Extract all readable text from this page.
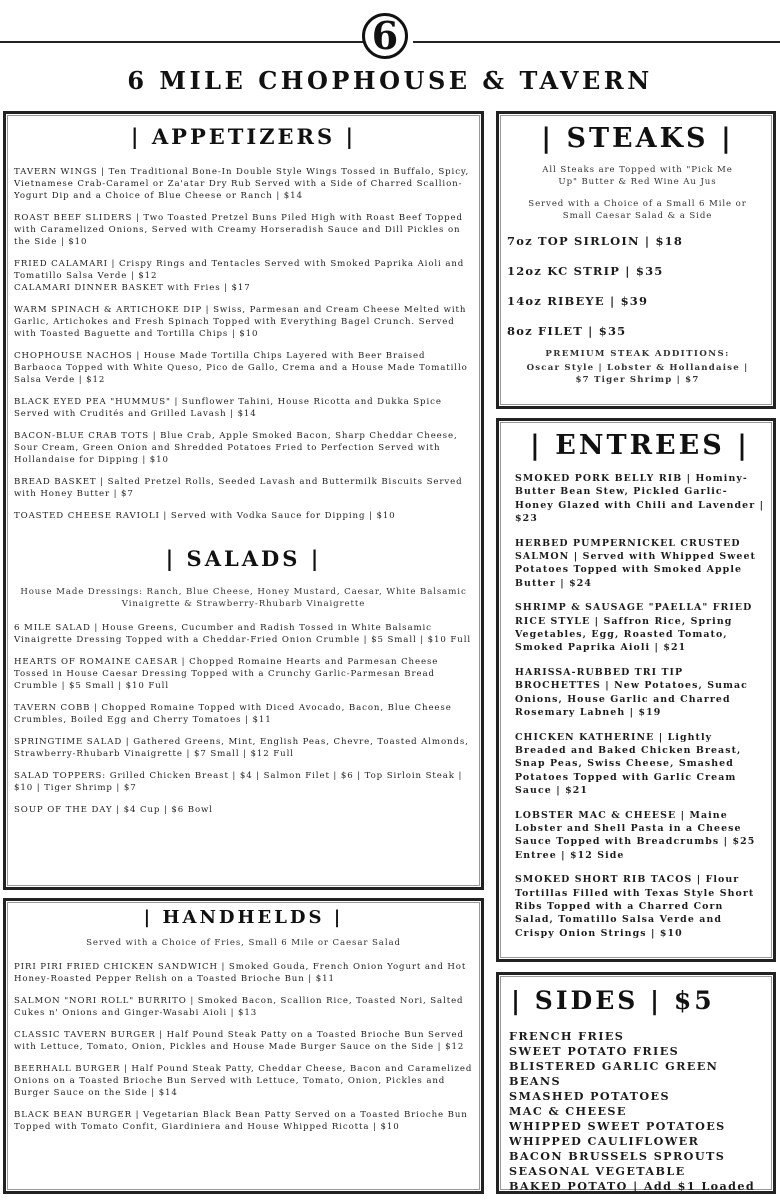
6
6 MILE CHOPHOUSE & TAVERN
| APPETIZERS |
TAVERN WINGS | Ten Traditional Bone-In Double Style Wings Tossed in Buffalo, Spicy, Vietnamese Crab-Caramel or Za'atar Dry Rub Served with a Side of Charred Scallion-Yogurt Dip and a Choice of Blue Cheese or Ranch | $14
ROAST BEEF SLIDERS | Two Toasted Pretzel Buns Piled High with Roast Beef Topped with Caramelized Onions, Served with Creamy Horseradish Sauce and Dill Pickles on the Side | $10
FRIED CALAMARI | Crispy Rings and Tentacles Served with Smoked Paprika Aioli and Tomatillo Salsa Verde | $12
CALAMARI DINNER BASKET with Fries | $17
WARM SPINACH & ARTICHOKE DIP | Swiss, Parmesan and Cream Cheese Melted with Garlic, Artichokes and Fresh Spinach Topped with Everything Bagel Crunch. Served with Toasted Baguette and Tortilla Chips | $10
CHOPHOUSE NACHOS | House Made Tortilla Chips Layered with Beer Braised Barbaoca Topped with White Queso, Pico de Gallo, Crema and a House Made Tomatillo Salsa Verde | $12
BLACK EYED PEA "HUMMUS" | Sunflower Tahini, House Ricotta and Dukka Spice Served with Crudités and Grilled Lavash | $14
BACON-BLUE CRAB TOTS | Blue Crab, Apple Smoked Bacon, Sharp Cheddar Cheese, Sour Cream, Green Onion and Shredded Potatoes Fried to Perfection Served with Hollandaise for Dipping | $10
BREAD BASKET | Salted Pretzel Rolls, Seeded Lavash and Buttermilk Biscuits Served with Honey Butter | $7
TOASTED CHEESE RAVIOLI | Served with Vodka Sauce for Dipping | $10
| SALADS |
House Made Dressings: Ranch, Blue Cheese, Honey Mustard, Caesar, White Balsamic Vinaigrette & Strawberry-Rhubarb Vinaigrette
6 MILE SALAD | House Greens, Cucumber and Radish Tossed in White Balsamic Vinaigrette Dressing Topped with a Cheddar-Fried Onion Crumble | $5 Small | $10 Full
HEARTS OF ROMAINE CAESAR | Chopped Romaine Hearts and Parmesan Cheese Tossed in House Caesar Dressing Topped with a Crunchy Garlic-Parmesan Bread Crumble | $5 Small | $10 Full
TAVERN COBB | Chopped Romaine Topped with Diced Avocado, Bacon, Blue Cheese Crumbles, Boiled Egg and Cherry Tomatoes | $11
SPRINGTIME SALAD | Gathered Greens, Mint, English Peas, Chevre, Toasted Almonds, Strawberry-Rhubarb Vinaigrette | $7 Small | $12 Full
SALAD TOPPERS: Grilled Chicken Breast | $4 | Salmon Filet | $6 | Top Sirloin Steak | $10 | Tiger Shrimp | $7
SOUP OF THE DAY | $4 Cup | $6 Bowl
| HANDHELDS |
Served with a Choice of Fries, Small 6 Mile or Caesar Salad
PIRI PIRI FRIED CHICKEN SANDWICH | Smoked Gouda, French Onion Yogurt and Hot Honey-Roasted Pepper Relish on a Toasted Brioche Bun | $11
SALMON "NORI ROLL" BURRITO | Smoked Bacon, Scallion Rice, Toasted Nori, Salted Cukes n' Onions and Ginger-Wasabi Aioli | $13
CLASSIC TAVERN BURGER | Half Pound Steak Patty on a Toasted Brioche Bun Served with Lettuce, Tomato, Onion, Pickles and House Made Burger Sauce on the Side | $12
BEERHALL BURGER | Half Pound Steak Patty, Cheddar Cheese, Bacon and Caramelized Onions on a Toasted Brioche Bun Served with Lettuce, Tomato, Onion, Pickles and Burger Sauce on the Side | $14
BLACK BEAN BURGER | Vegetarian Black Bean Patty Served on a Toasted Brioche Bun Topped with Tomato Confit, Giardiniera and House Whipped Ricotta | $10
| STEAKS |
All Steaks are Topped with "Pick Me Up" Butter & Red Wine Au Jus
Served with a Choice of a Small 6 Mile or Small Caesar Salad & a Side
7oz TOP SIRLOIN | $18
12oz KC STRIP | $35
14oz RIBEYE | $39
8oz FILET | $35
PREMIUM STEAK ADDITIONS:
Oscar Style | Lobster & Hollandaise | $7 Tiger Shrimp | $7
| ENTREES |
SMOKED PORK BELLY RIB | Hominy-Butter Bean Stew, Pickled Garlic-Honey Glazed with Chili and Lavender | $23
HERBED PUMPERNICKEL CRUSTED SALMON | Served with Whipped Sweet Potatoes Topped with Smoked Apple Butter | $24
SHRIMP & SAUSAGE "PAELLA" FRIED RICE STYLE | Saffron Rice, Spring Vegetables, Egg, Roasted Tomato, Smoked Paprika Aioli | $21
HARISSA-RUBBED TRI TIP BROCHETTES | New Potatoes, Sumac Onions, House Garlic and Charred Rosemary Labneh | $19
CHICKEN KATHERINE | Lightly Breaded and Baked Chicken Breast, Snap Peas, Swiss Cheese, Smashed Potatoes Topped with Garlic Cream Sauce | $21
LOBSTER MAC & CHEESE | Maine Lobster and Shell Pasta in a Cheese Sauce Topped with Breadcrumbs | $25 Entree | $12 Side
SMOKED SHORT RIB TACOS | Flour Tortillas Filled with Texas Style Short Ribs Topped with a Charred Corn Salad, Tomatillo Salsa Verde and Crispy Onion Strings | $10
| SIDES | $5
FRENCH FRIES
SWEET POTATO FRIES
BLISTERED GARLIC GREEN BEANS
SMASHED POTATOES
MAC & CHEESE
WHIPPED SWEET POTATOES
WHIPPED CAULIFLOWER
BACON BRUSSELS SPROUTS
SEASONAL VEGETABLE
BAKED POTATO | Add $1 Loaded
